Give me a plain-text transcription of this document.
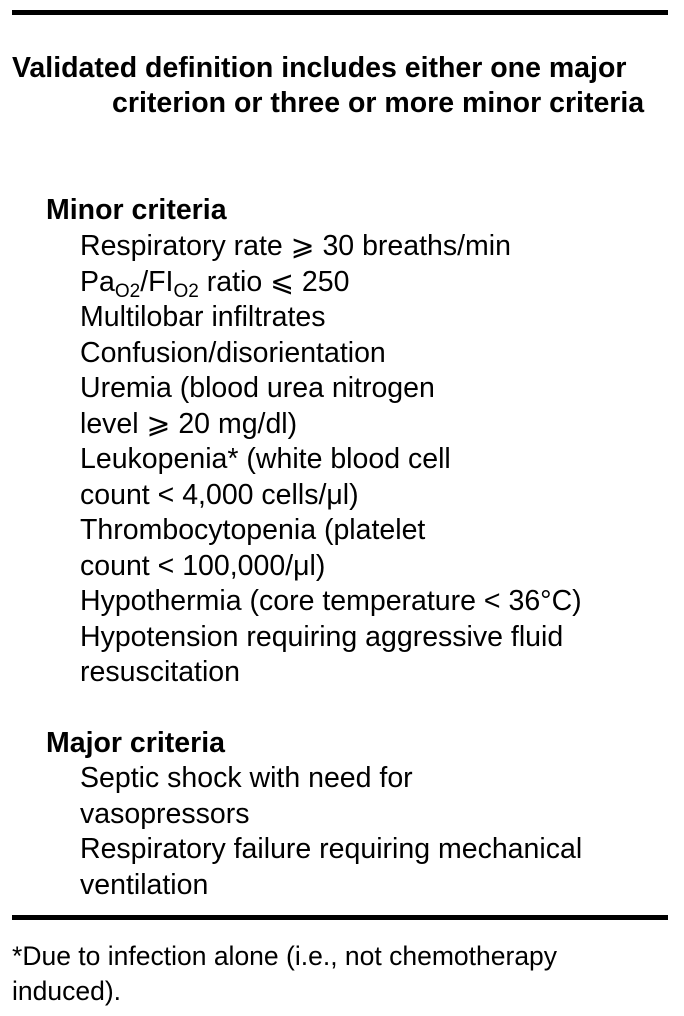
Validated definition includes either one major criterion or three or more minor criteria
Minor criteria
Respiratory rate ⩾ 30 breaths/min
$Pa_{O2}/FI_{O2}$ ratio ⩽ 250
Multilobar infiltrates
Confusion/disorientation
Uremia (blood urea nitrogen
level ⩾ 20 mg/dl)
Leukopenia* (white blood cell
count < 4,000 cells/μl)
Thrombocytopenia (platelet
count < 100,000/μl)
Hypothermia (core temperature < 36°C)
Hypotension requiring aggressive fluid
resuscitation
Major criteria
Septic shock with need for
vasopressors
Respiratory failure requiring mechanical
ventilation
*Due to infection alone (i.e., not chemotherapy induced).
